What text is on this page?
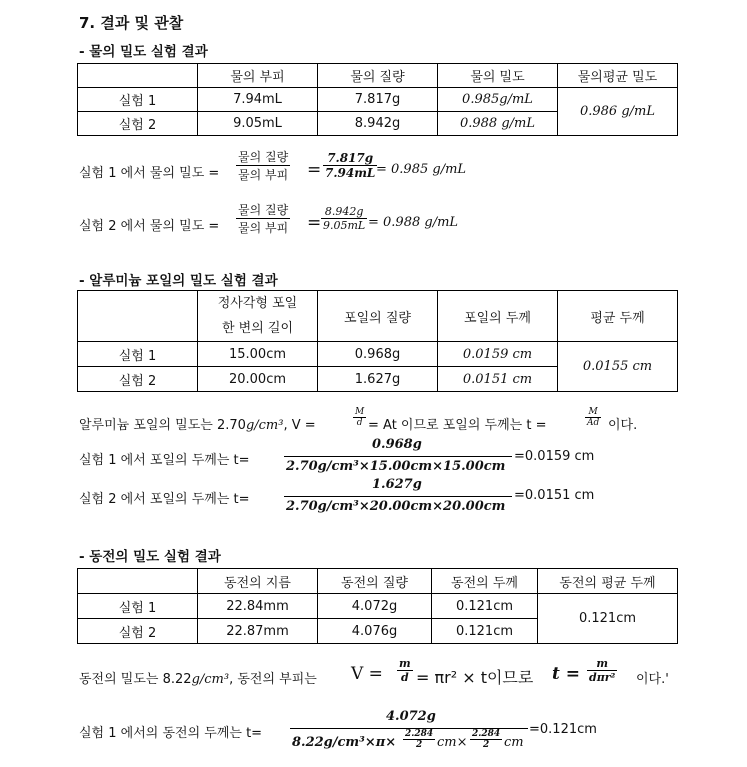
7. 결과 및 관찰
- 물의 밀도 실험 결과
	물의 부피	물의 질량	물의 밀도	물의평균 밀도
실험 1	7.94mL	7.817g	0.985g/mL	0.986 g/mL
실험 2	9.05mL	8.942g	0.988 g/mL	
실험 1 에서 물의 밀도 =
물의 질량
물의 부피 = $\frac{7.817g}{7.94mL}$
= 0.985 g/mL
실험 2 에서 물의 밀도 =
물의 질량
물의 부피 = $\frac{8.942g}{9.05mL} = 0.988$ g/mL
- 알루미늄 포일의 밀도 실험 결과
	정사각형 포일 한 변의 길이	포일의 질량	포일의 두께	평균 두께
실험 1	15.00cm	0.968g	0.0159 cm	0.0155 cm
실험 2	20.00cm	1.627g	0.0151 cm	
알루미늄 포일의 밀도는 2.70g/cm³, V =	$\frac{M}{d} = At$ 이므로 포일의 두께는 t =	$\frac{M}{Ad}$ 이다.
실험 1 에서 포일의 두께는 t=
0.968g
2.70g/cm³×15.00cm×15.00cm
=0.0159 cm
실험 2 에서 포일의 두께는 t=
1.627g
2.70g/cm³×20.00cm×20.00cm
=0.0151 cm
- 동전의 밀도 실험 결과
	동전의 지름	동전의 질량	동전의 두께	동전의 평균 두께
실험 1	22.84mm	4.072g	0.121cm	0.121cm
실험 2	22.87mm	4.076g	0.121cm	
동전의 밀도는 8.22g/cm³, 동전의 부피는 $V = \frac{m}{d} = \pi r^2 \times t$이므로 t =
m
dπr² 이다.'
실험 1 에서의 동전의 두께는 t=
4.072g
$8.22g/cm^3\times\pi\times \frac{2.284}{2} cm\times \frac{2.284}{2}$ cm
=0.121cm
